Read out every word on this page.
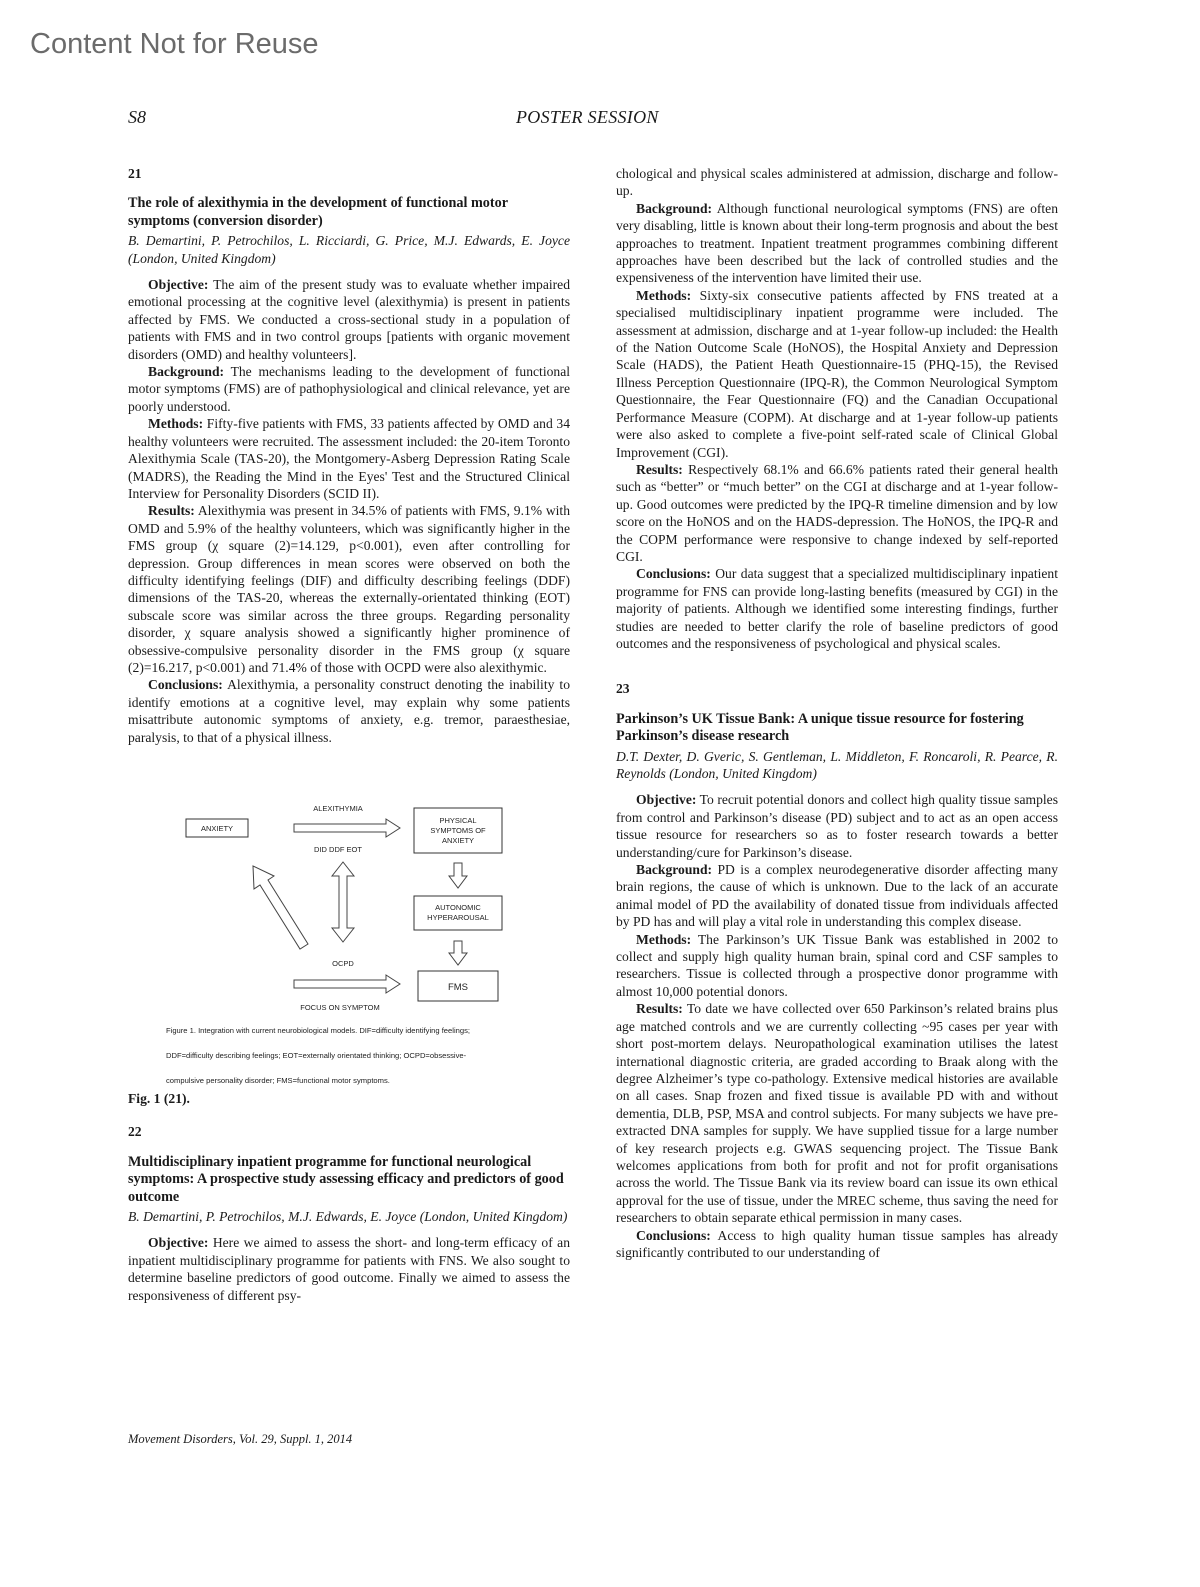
Content Not for Reuse
S8	POSTER SESSION

21

The role of alexithymia in the development of functional motor symptoms (conversion disorder)

B. Demartini, P. Petrochilos, L. Ricciardi, G. Price, M.J. Edwards, E. Joyce (London, United Kingdom)

Objective: The aim of the present study was to evaluate whether impaired emotional processing at the cognitive level (alexithymia) is present in patients affected by FMS. We conducted a cross-sectional study in a population of patients with FMS and in two control groups [patients with organic movement disorders (OMD) and healthy volunteers].

Background: The mechanisms leading to the development of functional motor symptoms (FMS) are of pathophysiological and clinical relevance, yet are poorly understood.

Methods: Fifty-five patients with FMS, 33 patients affected by OMD and 34 healthy volunteers were recruited. The assessment included: the 20-item Toronto Alexithymia Scale (TAS-20), the Montgomery-Asberg Depression Rating Scale (MADRS), the Reading the Mind in the Eyes' Test and the Structured Clinical Interview for Personality Disorders (SCID II).

Results: Alexithymia was present in 34.5% of patients with FMS, 9.1% with OMD and 5.9% of the healthy volunteers, which was significantly higher in the FMS group (χ square (2)=14.129, p<0.001), even after controlling for depression. Group differences in mean scores were observed on both the difficulty identifying feelings (DIF) and difficulty describing feelings (DDF) dimensions of the TAS-20, whereas the externally-orientated thinking (EOT) subscale score was similar across the three groups. Regarding personality disorder, χ square analysis showed a significantly higher prominence of obsessive-compulsive personality disorder in the FMS group (χ square (2)=16.217, p<0.001) and 71.4% of those with OCPD were also alexithymic.

Conclusions: Alexithymia, a personality construct denoting the inability to identify emotions at a cognitive level, may explain why some patients misattribute autonomic symptoms of anxiety, e.g. tremor, paraesthesiae, paralysis, to that of a physical illness.

ANXIETY
ALEXITHYMIA
DID DDF EOT
PHYSICAL
SYMPTOMS OF
ANXIETY
AUTONOMIC
HYPERAROUSAL
FMS
OCPD
FOCUS ON SYMPTOM
Figure 1. Integration with current neurobiological models. DIF=difficulty identifying feelings;
DDF=difficulty describing feelings; EOT=externally orientated thinking; OCPD=obsessive-
compulsive personality disorder; FMS=functional motor symptoms.

Fig. 1 (21).

22

Multidisciplinary inpatient programme for functional neurological symptoms: A prospective study assessing efficacy and predictors of good outcome

B. Demartini, P. Petrochilos, M.J. Edwards, E. Joyce (London, United Kingdom)

Objective: Here we aimed to assess the short- and long-term efficacy of an inpatient multidisciplinary programme for patients with FNS. We also sought to determine baseline predictors of good outcome. Finally we aimed to assess the responsiveness of different psy-

chological and physical scales administered at admission, discharge and follow-up.

Background: Although functional neurological symptoms (FNS) are often very disabling, little is known about their long-term prognosis and about the best approaches to treatment. Inpatient treatment programmes combining different approaches have been described but the lack of controlled studies and the expensiveness of the intervention have limited their use.

Methods: Sixty-six consecutive patients affected by FNS treated at a specialised multidisciplinary inpatient programme were included. The assessment at admission, discharge and at 1-year follow-up included: the Health of the Nation Outcome Scale (HoNOS), the Hospital Anxiety and Depression Scale (HADS), the Patient Heath Questionnaire-15 (PHQ-15), the Revised Illness Perception Questionnaire (IPQ-R), the Common Neurological Symptom Questionnaire, the Fear Questionnaire (FQ) and the Canadian Occupational Performance Measure (COPM). At discharge and at 1-year follow-up patients were also asked to complete a five-point self-rated scale of Clinical Global Improvement (CGI).

Results: Respectively 68.1% and 66.6% patients rated their general health such as “better” or “much better” on the CGI at discharge and at 1-year follow-up. Good outcomes were predicted by the IPQ-R timeline dimension and by low score on the HoNOS and on the HADS-depression. The HoNOS, the IPQ-R and the COPM performance were responsive to change indexed by self-reported CGI.

Conclusions: Our data suggest that a specialized multidisciplinary inpatient programme for FNS can provide long-lasting benefits (measured by CGI) in the majority of patients. Although we identified some interesting findings, further studies are needed to better clarify the role of baseline predictors of good outcomes and the responsiveness of psychological and physical scales.

23

Parkinson’s UK Tissue Bank: A unique tissue resource for fostering Parkinson’s disease research

D.T. Dexter, D. Gveric, S. Gentleman, L. Middleton, F. Roncaroli, R. Pearce, R. Reynolds (London, United Kingdom)

Objective: To recruit potential donors and collect high quality tissue samples from control and Parkinson’s disease (PD) subject and to act as an open access tissue resource for researchers so as to foster research towards a better understanding/cure for Parkinson’s disease.

Background: PD is a complex neurodegenerative disorder affecting many brain regions, the cause of which is unknown. Due to the lack of an accurate animal model of PD the availability of donated tissue from individuals affected by PD has and will play a vital role in understanding this complex disease.

Methods: The Parkinson’s UK Tissue Bank was established in 2002 to collect and supply high quality human brain, spinal cord and CSF samples to researchers. Tissue is collected through a prospective donor programme with almost 10,000 potential donors.

Results: To date we have collected over 650 Parkinson’s related brains plus age matched controls and we are currently collecting ~95 cases per year with short post-mortem delays. Neuropathological examination utilises the latest international diagnostic criteria, are graded according to Braak along with the degree Alzheimer’s type co-pathology. Extensive medical histories are available on all cases. Snap frozen and fixed tissue is available PD with and without dementia, DLB, PSP, MSA and control subjects. For many subjects we have pre-extracted DNA samples for supply. We have supplied tissue for a large number of key research projects e.g. GWAS sequencing project. The Tissue Bank welcomes applications from both for profit and not for profit organisations across the world. The Tissue Bank via its review board can issue its own ethical approval for the use of tissue, under the MREC scheme, thus saving the need for researchers to obtain separate ethical permission in many cases.

Conclusions: Access to high quality human tissue samples has already significantly contributed to our understanding of

Movement Disorders, Vol. 29, Suppl. 1, 2014
